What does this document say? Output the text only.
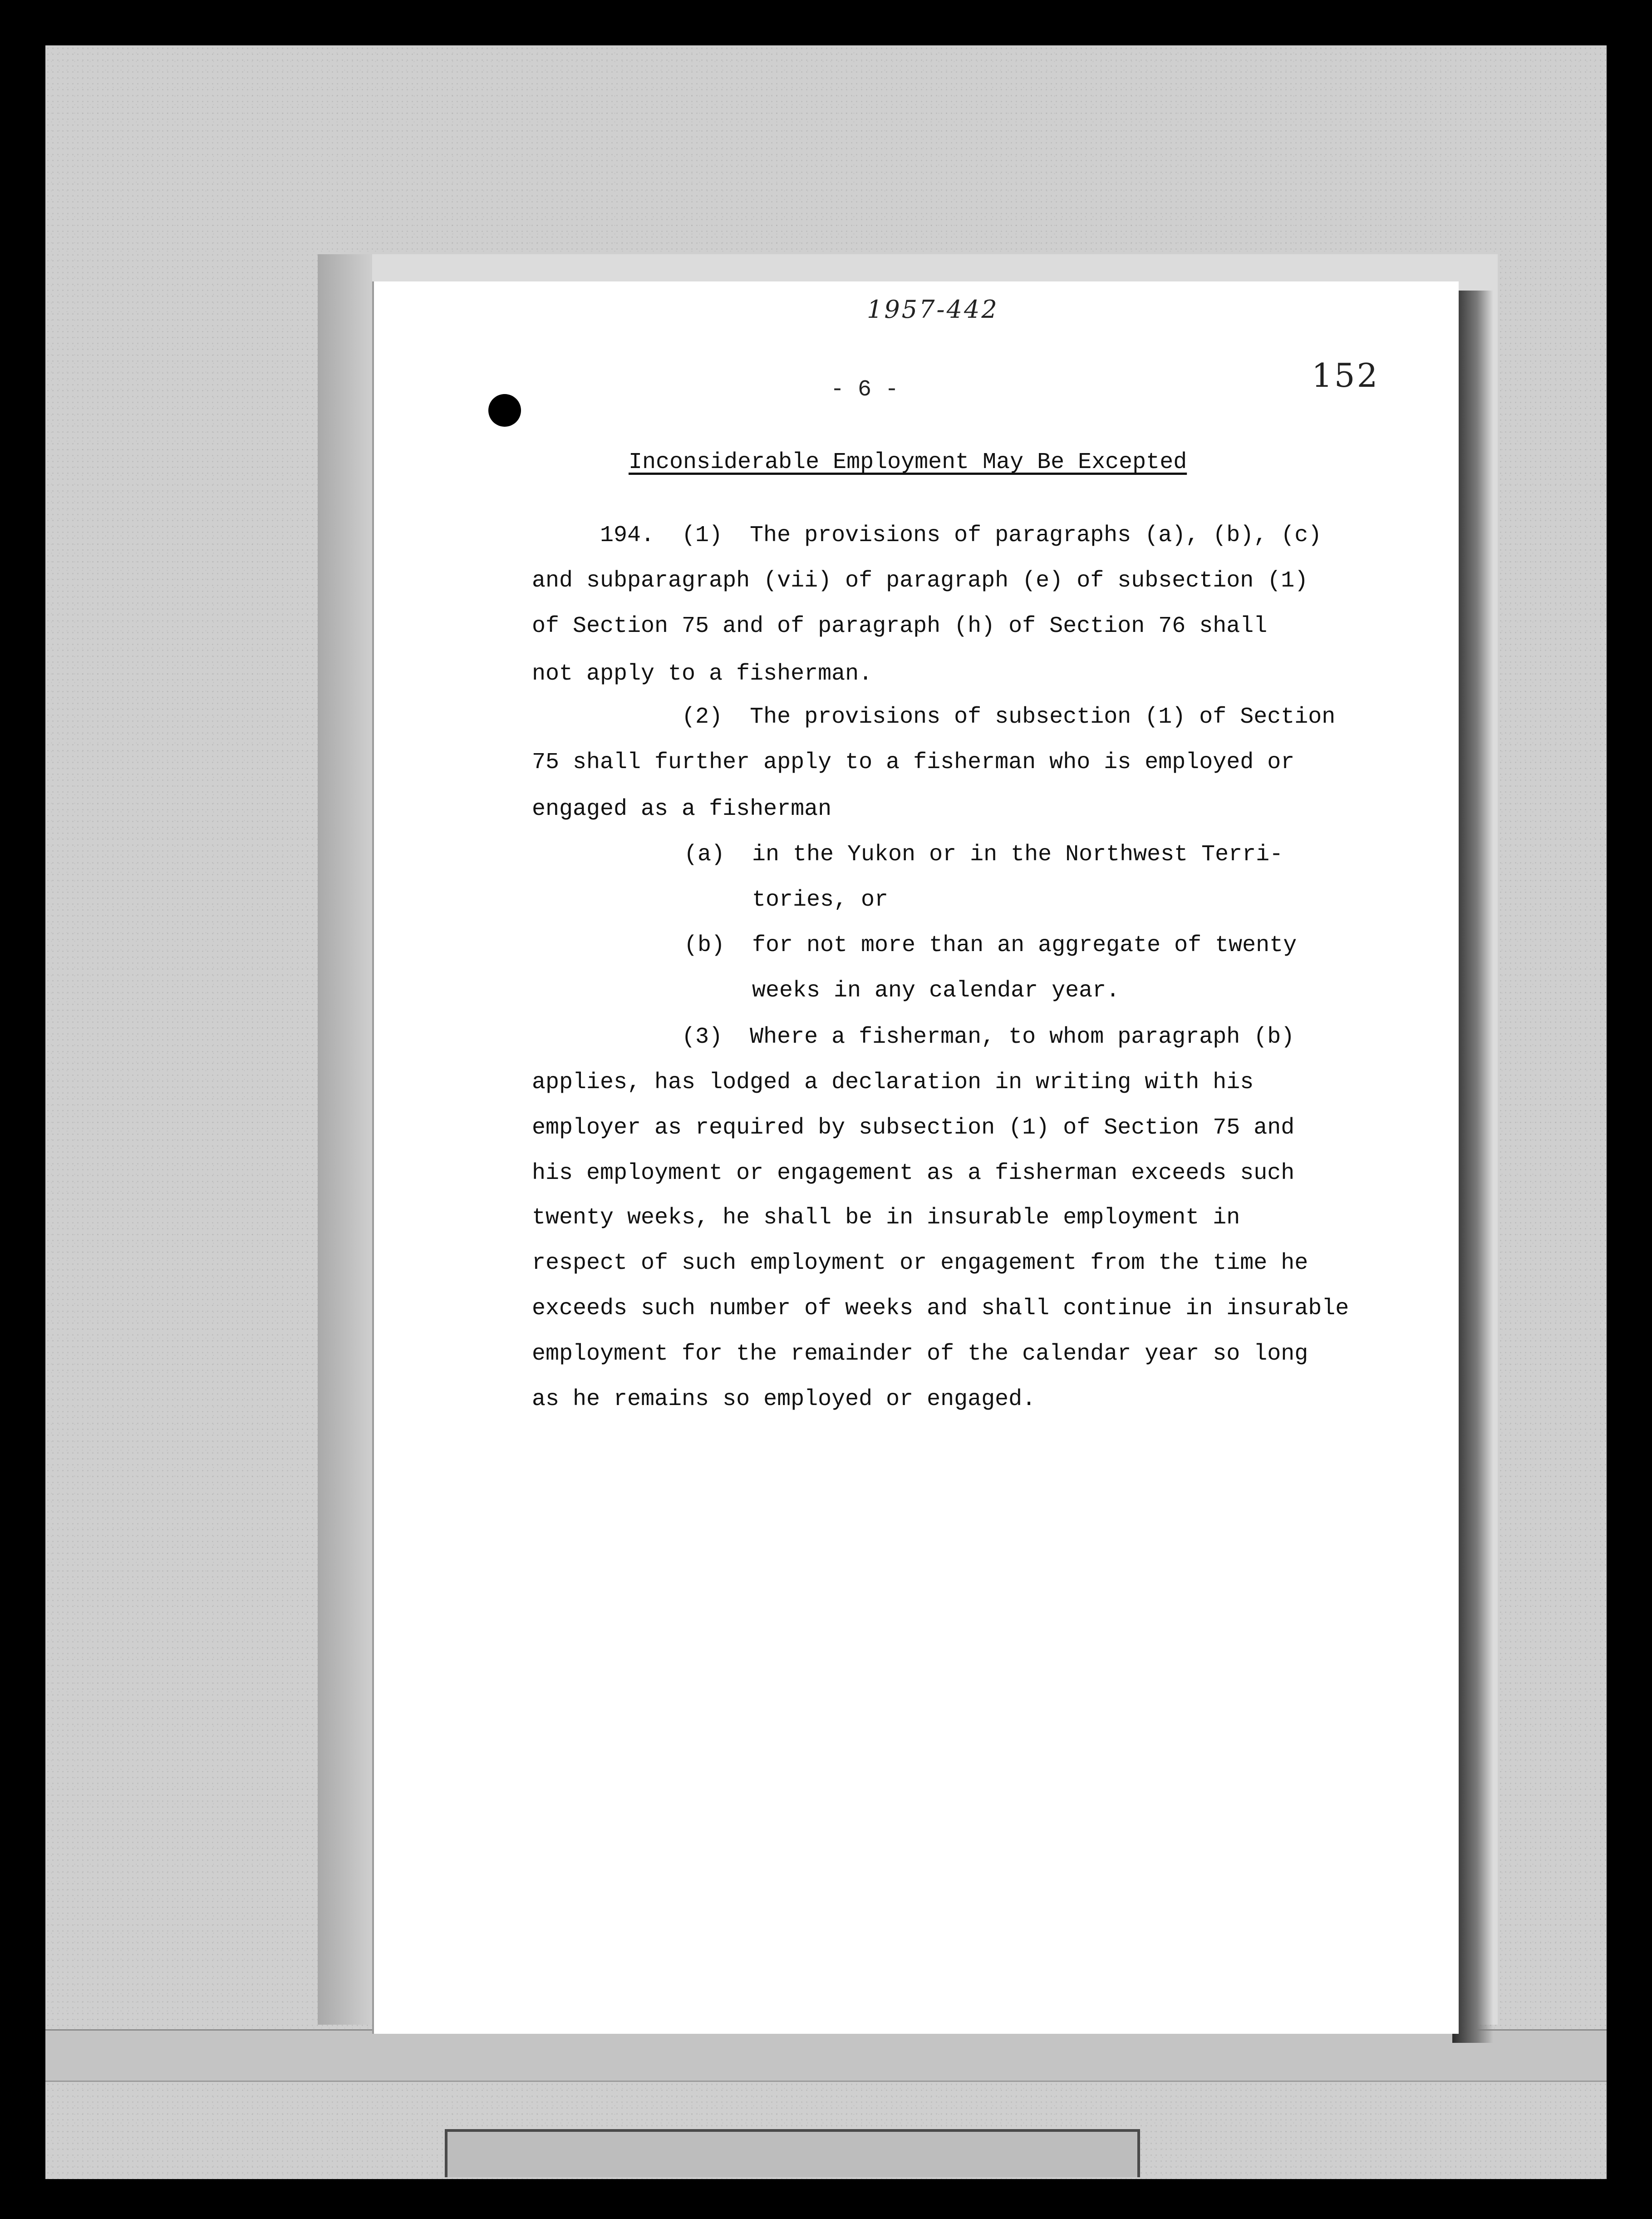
1957-442
152
- 6 -
Inconsiderable Employment May Be Excepted
194.  (1)  The provisions of paragraphs (a), (b), (c)
and subparagraph (vii) of paragraph (e) of subsection (1)
of Section 75 and of paragraph (h) of Section 76 shall
not apply to a fisherman.
(2)  The provisions of subsection (1) of Section
75 shall further apply to a fisherman who is employed or
engaged as a fisherman
(a) in the Yukon or in the Northwest Terri-
tories, or
(b) for not more than an aggregate of twenty
weeks in any calendar year.
(3)  Where a fisherman, to whom paragraph (b)
applies, has lodged a declaration in writing with his
employer as required by subsection (1) of Section 75 and
his employment or engagement as a fisherman exceeds such
twenty weeks, he shall be in insurable employment in
respect of such employment or engagement from the time he
exceeds such number of weeks and shall continue in insurable
employment for the remainder of the calendar year so long
as he remains so employed or engaged.
